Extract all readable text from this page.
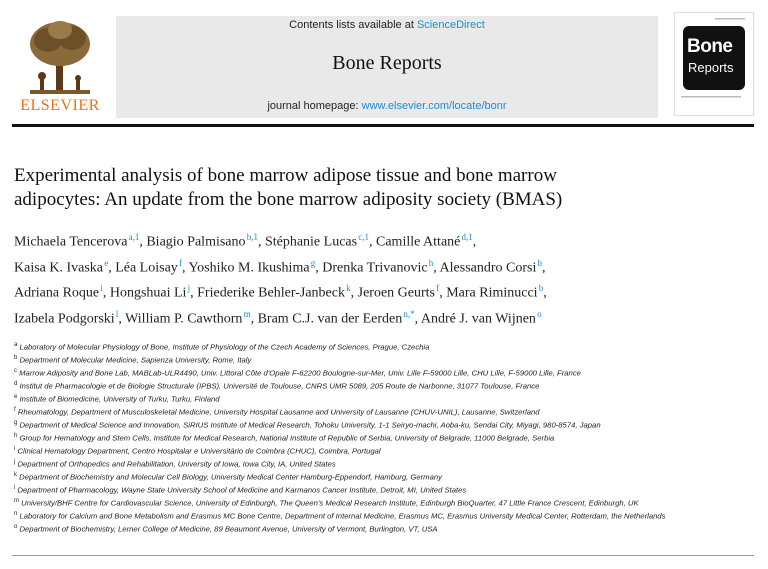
ELSEVIER
Contents lists available at ScienceDirect
Bone Reports
journal homepage: www.elsevier.com/locate/bonr
Bone
Reports
Experimental analysis of bone marrow adipose tissue and bone marrow
adipocytes: An update from the bone marrow adiposity society (BMAS)
Michaela Tencerova $^{a,1}$, Biagio Palmisano $^{b,1}$, Stéphanie Lucas $^{c,1}$, Camille Attané $^{d,1}$,
Kaisa K. Ivaska $^e$, Léa Loisay $^f$, Yoshiko M. Ikushima $^g$, Drenka Trivanovic $^h$, Alessandro Corsi $^b$,
Adriana Roque $^i$, Hongshuai Li $^j$, Friederike Behler-Janbeck $^k$, Jeroen Geurts $^f$, Mara Riminucci $^b$,
Izabela Podgorski $^l$, William P. Cawthorn $^m$, Bram C.J. van der Eerden $^{n,*}$, André J. van Wijnen $^o$
$^a$ Laboratory of Molecular Physiology of Bone, Institute of Physiology of the Czech Academy of Sciences, Prague, Czechia
$^b$ Department of Molecular Medicine, Sapienza University, Rome, Italy
$^c$ Marrow Adiposity and Bone Lab, MABLab-ULR4490, Univ. Littoral Côte d'Opale F-62200 Boulogne-sur-Mer, Univ. Lille F-59000 Lille, CHU Lille, F-59000 Lille, France
$^d$ Institut de Pharmacologie et de Biologie Structurale (IPBS), Université de Toulouse, CNRS UMR 5089, 205 Route de Narbonne, 31077 Toulouse, France
$^e$ Institute of Biomedicine, University of Turku, Turku, Finland
$^f$ Rheumatology, Department of Musculoskeletal Medicine, University Hospital Lausanne and University of Lausanne (CHUV-UNIL), Lausanne, Switzerland
$^g$ Department of Medical Science and Innovation, SiRIUS Institute of Medical Research, Tohoku University, 1-1 Seiryo-machi, Aoba-ku, Sendai City, Miyagi, 980-8574, Japan
$^h$ Group for Hematology and Stem Cells, Institute for Medical Research, National Institute of Republic of Serbia, University of Belgrade, 11000 Belgrade, Serbia
$^i$ Clinical Hematology Department, Centro Hospitalar e Universitário de Coimbra (CHUC), Coimbra, Portugal
$^j$ Department of Orthopedics and Rehabilitation, University of Iowa, Iowa City, IA, United States
$^k$ Department of Biochemistry and Molecular Cell Biology, University Medical Center Hamburg-Eppendorf, Hamburg, Germany
$^l$ Department of Pharmacology, Wayne State University School of Medicine and Karmanos Cancer Institute, Detroit, MI, United States
$^m$ University/BHF Centre for Cardiovascular Science, University of Edinburgh, The Queen's Medical Research Institute, Edinburgh BioQuarter, 47 Little France Crescent, Edinburgh, UK
$^n$ Laboratory for Calcium and Bone Metabolism and Erasmus MC Bone Centre, Department of Internal Medicine, Erasmus MC, Erasmus University Medical Center, Rotterdam, the Netherlands
$^o$ Department of Biochemistry, Lerner College of Medicine, 89 Beaumont Avenue, University of Vermont, Burlington, VT, USA
